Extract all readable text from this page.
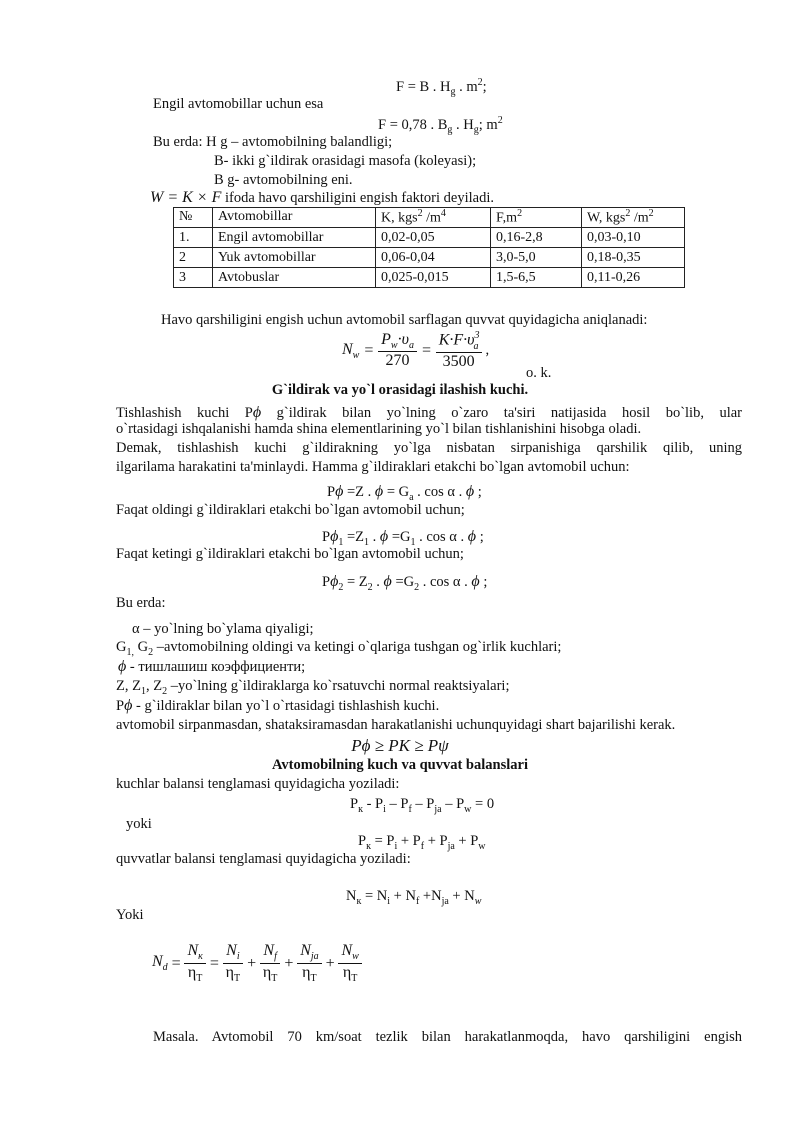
F = B . $H_g$ . $m^2$;
Engil avtomobillar uchun esa
F = 0,78 . $B_g$ . $H_g$; $m^2$
Bu erda: H g – avtomobilning balandligi;
B- ikki g`ildirak orasidagi masofa (koleyasi);
B g- avtomobilning eni.
W = K × F ifoda havo qarshiligini engish faktori deyiladi.
№	Avtomobillar	K, kgs$^2$ $/m^4$	$F,m^2$	W, kgs$^2$ $/m^2$
1.	Engil avtomobillar	0,02-0,05	0,16-2,8	0,03-0,10
2	Yuk avtomobillar	0,06-0,04	3,0-5,0	0,18-0,35
3	Avtobuslar	0,025-0,015	1,5-6,5	0,11-0,26
Havo qarshiligini engish uchun avtomobil sarflagan quvvat quyidagicha aniqlanadi:
$N_w = \frac{P_w\cdot\upsilon_a}{270} = \frac{K\cdot F\cdot\upsilon^3_a}{3500}$ ,
o. k.
G`ildirak va yo`l orasidagi ilashish kuchi.
Tishlashish kuchi Pϕ g`ildirak bilan yo`lning o`zaro ta'siri natijasida hosil bo`lib, ular
o`rtasidagi ishqalanishi hamda shina elementlarining yo`l bilan tishlanishini hisobga oladi.
Demak, tishlashish kuchi g`ildirakning yo`lga nisbatan sirpanishiga qarshilik qilib, uning
ilgarilama harakatini ta'minlaydi. Hamma g`ildiraklari etakchi bo`lgan avtomobil uchun:
Pϕ =Z . $\phi = G_a$ . cos α . ϕ ;
Faqat oldingi g`ildiraklari etakchi bo`lgan avtomobil uchun;
$P\phi_1 =Z_1$ . $\phi =G_1$ . cos α . ϕ ;
Faqat ketingi g`ildiraklari etakchi bo`lgan avtomobil uchun;
$P\phi_2 = Z_2$ . $\phi =G_2$ . cos α . ϕ ;
Bu erda:
α – yo`lning bo`ylama qiyaligi;
$G_{1,}$ $G_2$ –avtomobilning oldingi va ketingi o`qlariga tushgan og`irlik kuchlari;
ϕ - тишлашиш коэффициенти;
Z, $Z_1$, $Z_2$ –yo`lning g`ildiraklarga ko`rsatuvchi normal reaktsiyalari;
Pϕ - g`ildiraklar bilan yo`l o`rtasidagi tishlashish kuchi.
avtomobil sirpanmasdan, shataksiramasdan harakatlanishi uchunquyidagi shart bajarilishi kerak.
Pϕ ≥ PK ≥ Pψ
Avtomobilning kuch va quvvat balanslari
kuchlar balansi tenglamasi quyidagicha yoziladi:
$P_к - P_i - P_f - P_{ja} - P_w = 0$
yoki
$P_к = P_i + P_f + P_{ja} + P_w$
quvvatlar balansi tenglamasi quyidagicha yoziladi:
$N_к = N_i + N_f +N_{ja} + N_w$
Yoki
$N_d = \frac{N_к}{\eta_T} = \frac{N_i}{\eta_T} + \frac{N_f}{\eta_T} + \frac{N_{ja}}{\eta_T} + \frac{N_w}{\eta_T}$
Masala. Avtomobil 70 km/soat tezlik bilan harakatlanmoqda, havo qarshiligini engish
